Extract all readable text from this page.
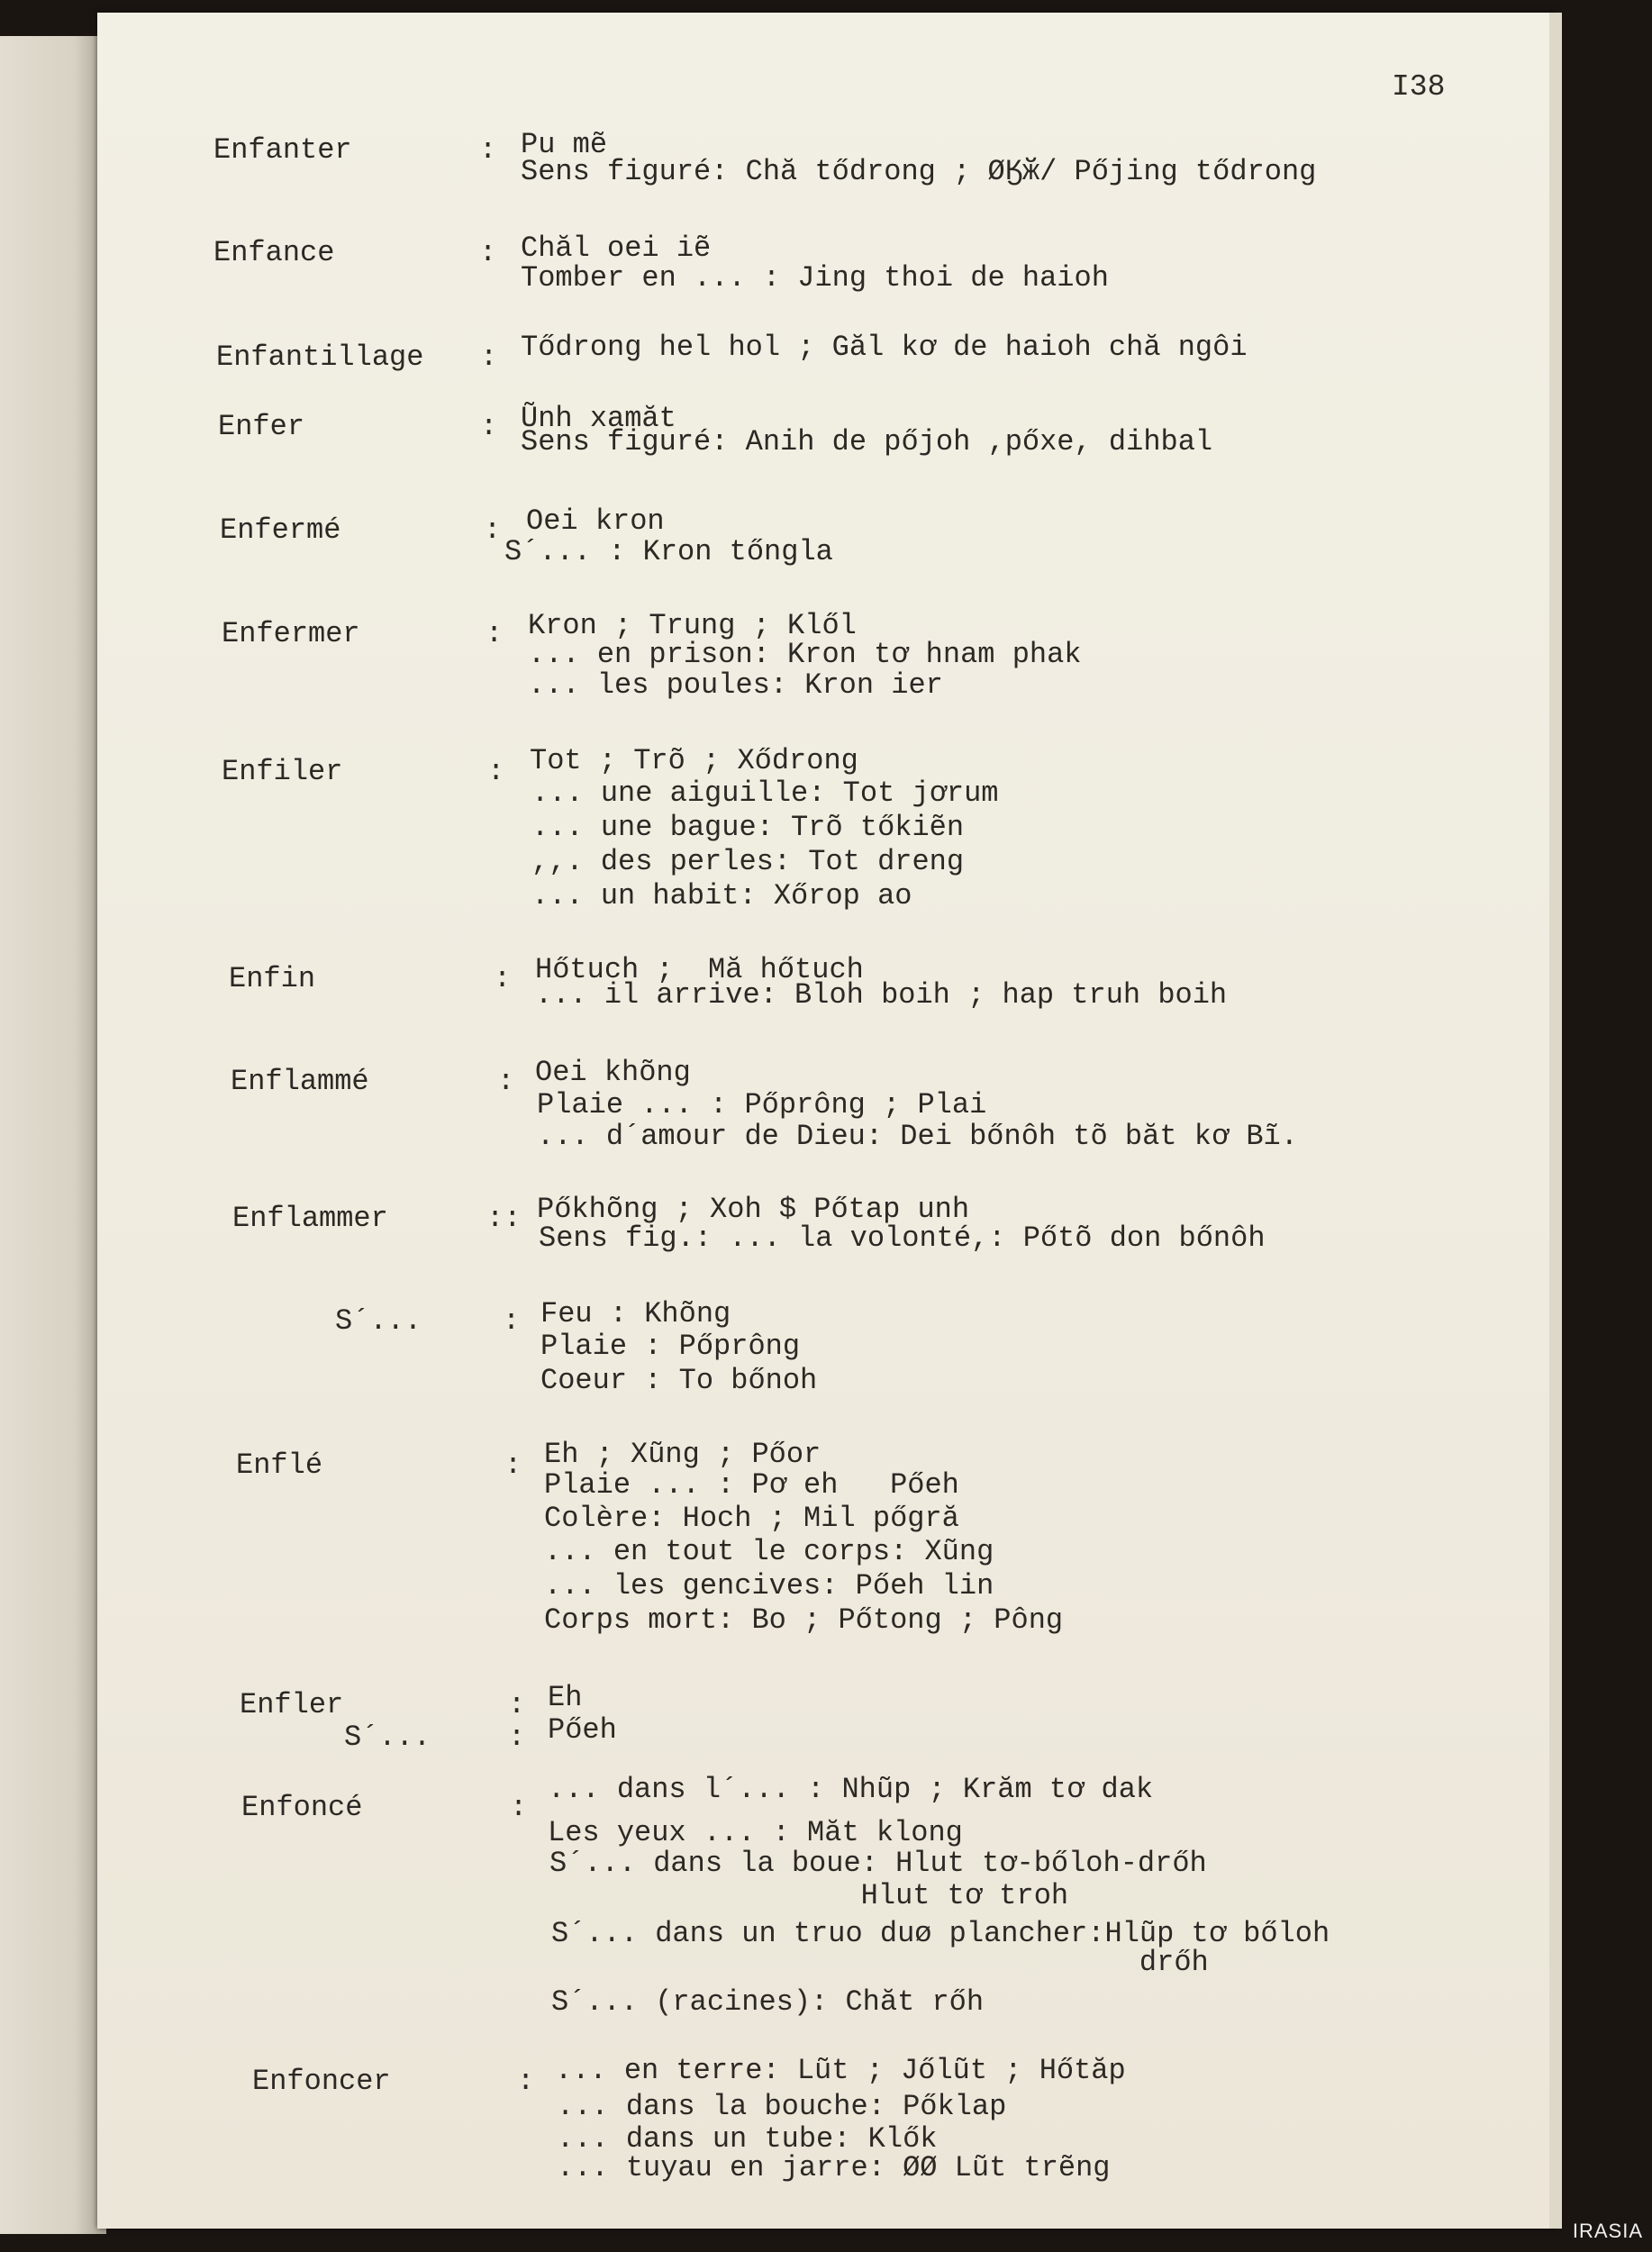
I38
Enfanter	: Pu mẽ
Sens figuré: Chă tődrong ; ØӃӂ/ Pőjing tődrong
Enfance	: Chăl oei iẽ
Tomber en ... : Jing thoi de haioh
Enfantillage : Tődrong hel hol ; Găl kơ de haioh chă ngôi
Enfer	: Ũnh xamăt
Sens figuré: Anih de pőjoh ,pőxe, dihbal
Enfermé	: Oei kron
S´... : Kron tőngla
Enfermer	: Kron ; Trung ; Klől
... en prison: Kron tơ hnam phak
... les poules: Kron ier
Enfiler	: Tot ; Trõ ; Xődrong
... une aiguille: Tot jơrum
... une bague: Trõ tőkiẽn
,,. des perles: Tot dreng
... un habit: Xőrop ao
Enfin	: Hőtuch ;  Mă hőtuch
... il arrive: Bloh boih ; hap truh boih
Enflammé	: Oei khõng
Plaie ... : Pőprông ; Plai
... d´amour de Dieu: Dei bőnôh tõ băt kơ Bĩ.
Enflammer	:: Pőkhõng ; Xoh $ Pőtap unh
Sens fig.: ... la volonté,: Pőtõ don bőnôh
S´...	: Feu : Khõng
Plaie : Pőprông
Coeur : To bőnoh
Enflé	: Eh ; Xũng ; Pőor
Plaie ... : Pơ eh   Pőeh
Colère: Hoch ; Mil pőgră
... en tout le corps: Xũng
... les gencives: Pőeh lin
Corps mort: Bo ; Pőtong ; Pông
Enfler	: Eh
S´...	: Pőeh
Enfoncé	:
... dans l´... : Nhũp ; Krăm tơ dak
Les yeux ... : Măt klong
S´... dans la boue: Hlut tơ-bőloh-drőh
Hlut tơ troh
S´... dans un truo duø plancher:Hlũp tơ bőloh
drőh
S´... (racines): Chăt rőh
Enfoncer	: ... en terre: Lũt ; Jőlũt ; Hőtăp
... dans la bouche: Pőklap
... dans un tube: Klők
... tuyau en jarre: ØØ Lũt trẽng
IRASIA
